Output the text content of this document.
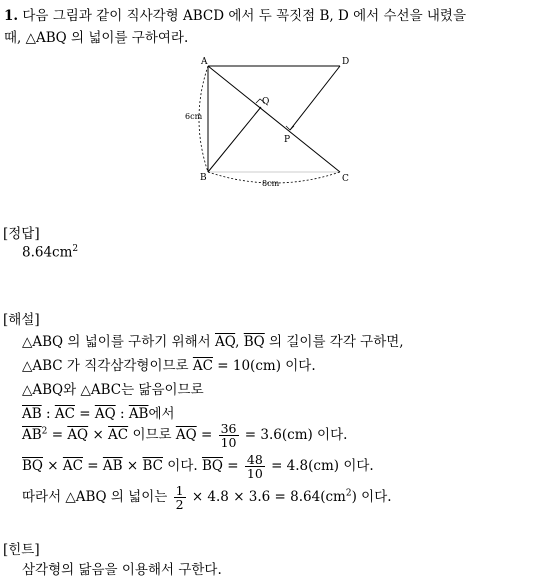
1. 다음 그림과 같이 직사각형 ABCD 에서 두 꼭짓점 B, D 에서 수선을 내렸을
때, △ABQ 의 넓이를 구하여라.
A	D
B	C
Q
P
6cm
8cm
[정답]
$8.64cm^2$
[해설]
△ABQ 의 넓이를 구하기 위해서 $\overline{AQ}$, $\overline{BQ}$ 의 길이를 각각 구하면,
△ABC 가 직각삼각형이므로 $\overline{AC} = 10(cm)$ 이다.
△ABQ와 △ABC는 닮음이므로
$\overline{AB}$ : $\overline{AC} = \overline{AQ}$ : $\overline{AB}$에서
$\overline{AB}^2 = \overline{AQ} \times \overline{AC}$ 이므로 $\overline{AQ} = \frac{36}{10} = 3.6(cm)$ 이다.
$\overline{BQ} \times \overline{AC} = \overline{AB} \times \overline{BC}$ 이다. $\overline{BQ} = \frac{48}{10} = 4.8(cm)$ 이다.
따라서 △ABQ 의 넓이는 $\frac{1}{2} \times 4.8 \times 3.6 = 8.64(cm^2)$ 이다.
[힌트]
삼각형의 닮음을 이용해서 구한다.
